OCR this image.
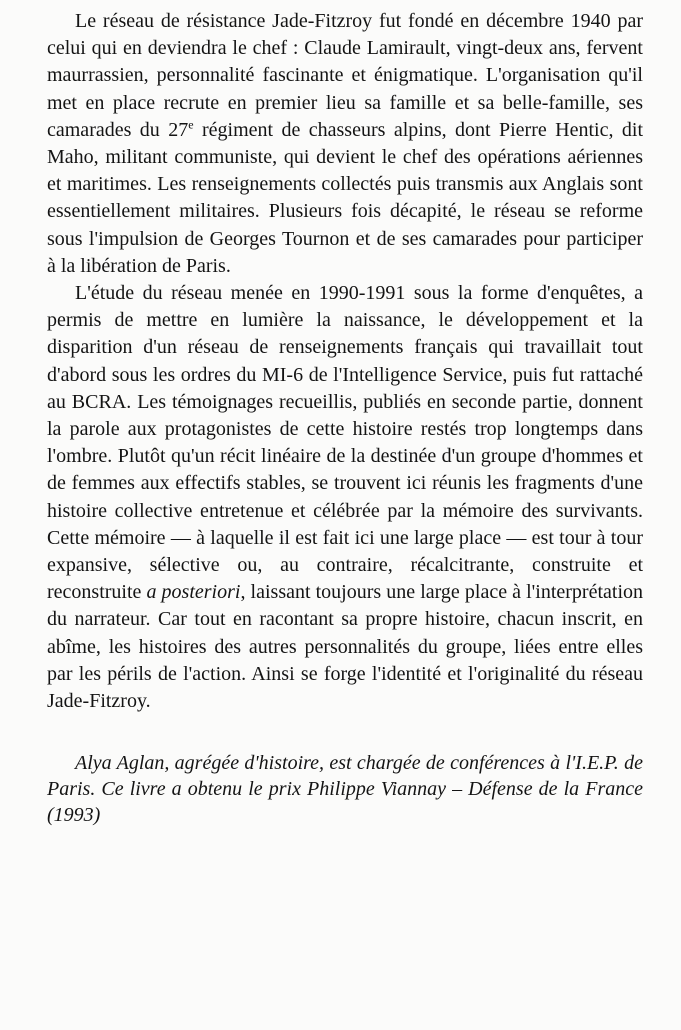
Le réseau de résistance Jade-Fitzroy fut fondé en décembre 1940 par celui qui en deviendra le chef : Claude Lamirault, vingt-deux ans, fervent maurrassien, personnalité fascinante et énigmatique. L'organisation qu'il met en place recrute en premier lieu sa famille et sa belle-famille, ses camarades du 27e régiment de chasseurs alpins, dont Pierre Hentic, dit Maho, militant communiste, qui devient le chef des opérations aériennes et maritimes. Les renseignements collectés puis transmis aux Anglais sont essentiellement militaires. Plusieurs fois décapité, le réseau se reforme sous l'impulsion de Georges Tournon et de ses camarades pour participer à la libération de Paris.

L'étude du réseau menée en 1990-1991 sous la forme d'enquêtes, a permis de mettre en lumière la naissance, le développement et la disparition d'un réseau de renseignements français qui travaillait tout d'abord sous les ordres du MI-6 de l'Intelligence Service, puis fut rattaché au BCRA. Les témoignages recueillis, publiés en seconde partie, donnent la parole aux protagonistes de cette histoire restés trop longtemps dans l'ombre. Plutôt qu'un récit linéaire de la destinée d'un groupe d'hommes et de femmes aux effectifs stables, se trouvent ici réunis les fragments d'une histoire collective entretenue et célébrée par la mémoire des survivants. Cette mémoire — à laquelle il est fait ici une large place — est tour à tour expansive, sélective ou, au contraire, récalcitrante, construite et reconstruite a posteriori, laissant toujours une large place à l'interprétation du narrateur. Car tout en racontant sa propre histoire, chacun inscrit, en abîme, les histoires des autres personnalités du groupe, liées entre elles par les périls de l'action. Ainsi se forge l'identité et l'originalité du réseau Jade-Fitzroy.

Alya Aglan, agrégée d'histoire, est chargée de conférences à l'I.E.P. de Paris. Ce livre a obtenu le prix Philippe Viannay – Défense de la France (1993)
